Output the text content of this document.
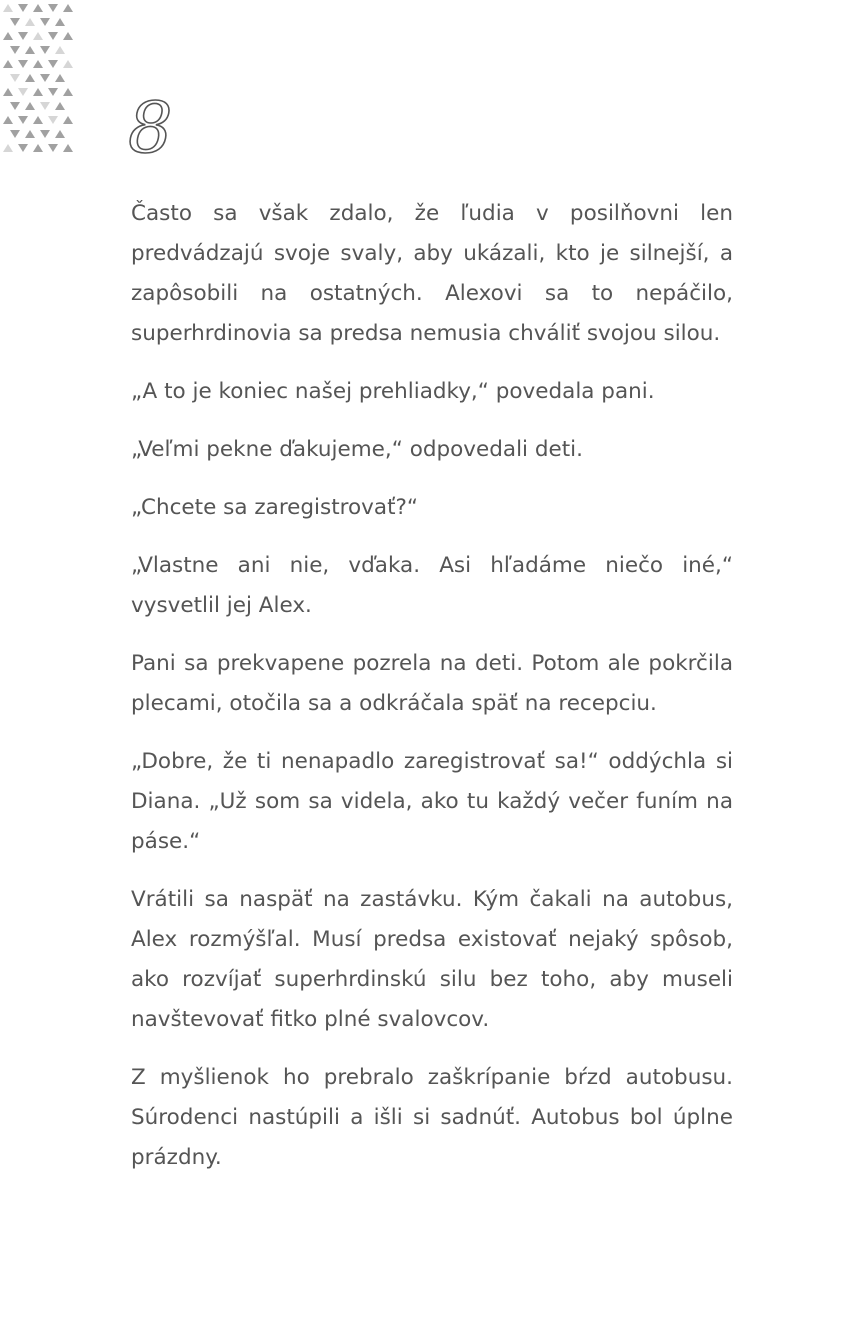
8

Často sa však zdalo, že ľudia v posilňovni len predvádzajú svoje svaly, aby ukázali, kto je silnejší, a zapôsobili na ostatných. Alexovi sa to nepáčilo, superhrdinovia sa predsa nemusia chváliť svojou silou.

„A to je koniec našej prehliadky,“ povedala pani.

„Veľmi pekne ďakujeme,“ odpovedali deti.

„Chcete sa zaregistrovať?“

„Vlastne ani nie, vďaka. Asi hľadáme niečo iné,“ vysvetlil jej Alex.

Pani sa prekvapene pozrela na deti. Potom ale pokrčila plecami, otočila sa a odkráčala späť na recepciu.

„Dobre, že ti nenapadlo zaregistrovať sa!“ oddýchla si Diana. „Už som sa videla, ako tu každý večer funím na páse.“

Vrátili sa naspäť na zastávku. Kým čakali na autobus, Alex rozmýšľal. Musí predsa existovať nejaký spôsob, ako rozvíjať superhrdinskú silu bez toho, aby museli navštevovať fitko plné svalovcov.

Z myšlienok ho prebralo zaškrípanie bŕzd autobusu. Súrodenci nastúpili a išli si sadnúť. Autobus bol úplne prázdny.
